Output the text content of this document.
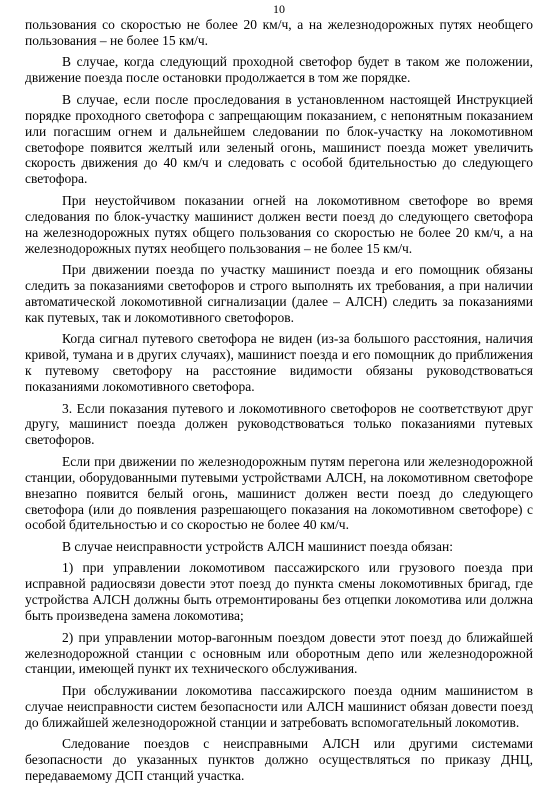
10

пользования со скоростью не более 20 км/ч, а на железнодорожных путях необщего пользования – не более 15 км/ч.

В случае, когда следующий проходной светофор будет в таком же положении, движение поезда после остановки продолжается в том же порядке.

В случае, если после проследования в установленном настоящей Инструкцией порядке проходного светофора с запрещающим показанием, с непонятным показанием или погасшим огнем и дальнейшем следовании по блок-участку на локомотивном светофоре появится желтый или зеленый огонь, машинист поезда может увеличить скорость движения до 40 км/ч и следовать с особой бдительностью до следующего светофора.

При неустойчивом показании огней на локомотивном светофоре во время следования по блок-участку машинист должен вести поезд до следующего светофора на железнодорожных путях общего пользования со скоростью не более 20 км/ч, а на железнодорожных путях необщего пользования – не более 15 км/ч.

При движении поезда по участку машинист поезда и его помощник обязаны следить за показаниями светофоров и строго выполнять их требования, а при наличии автоматической локомотивной сигнализации (далее – АЛСН) следить за показаниями как путевых, так и локомотивного светофоров.

Когда сигнал путевого светофора не виден (из-за большого расстояния, наличия кривой, тумана и в других случаях), машинист поезда и его помощник до приближения к путевому светофору на расстояние видимости обязаны руководствоваться показаниями локомотивного светофора.

3. Если показания путевого и локомотивного светофоров не соответствуют друг другу, машинист поезда должен руководствоваться только показаниями путевых светофоров.

Если при движении по железнодорожным путям перегона или железнодорожной станции, оборудованными путевыми устройствами АЛСН, на локомотивном светофоре внезапно появится белый огонь, машинист должен вести поезд до следующего светофора (или до появления разрешающего показания на локомотивном светофоре) с особой бдительностью и со скоростью не более 40 км/ч.

В случае неисправности устройств АЛСН машинист поезда обязан:

1) при управлении локомотивом пассажирского или грузового поезда при исправной радиосвязи довести этот поезд до пункта смены локомотивных бригад, где устройства АЛСН должны быть отремонтированы без отцепки локомотива или должна быть произведена замена локомотива;

2) при управлении мотор-вагонным поездом довести этот поезд до ближайшей железнодорожной станции с основным или оборотным депо или железнодорожной станции, имеющей пункт их технического обслуживания.

При обслуживании локомотива пассажирского поезда одним машинистом в случае неисправности систем безопасности или АЛСН машинист обязан довести поезд до ближайшей железнодорожной станции и затребовать вспомогательный локомотив.

Следование поездов с неисправными АЛСН или другими системами безопасности до указанных пунктов должно осуществляться по приказу ДНЦ, передаваемому ДСП станций участка.
